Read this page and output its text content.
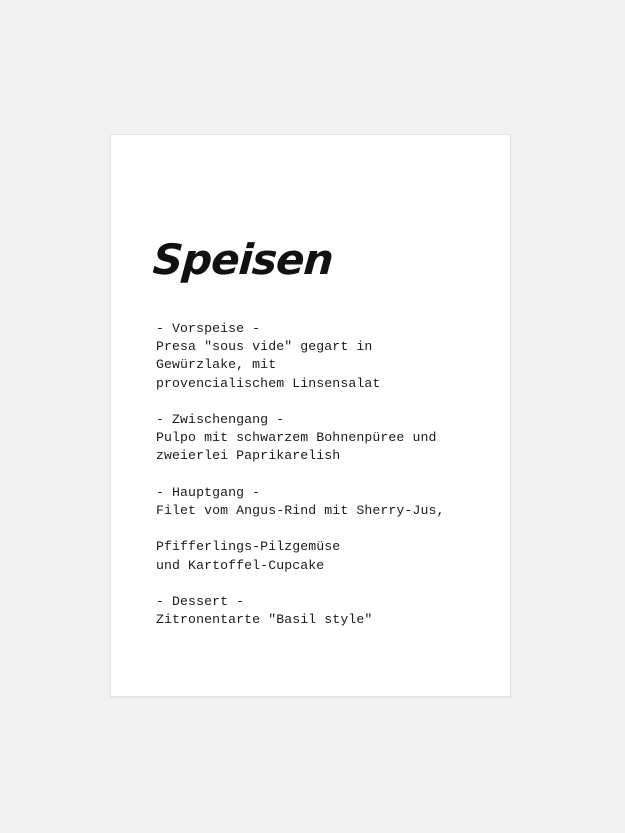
Speisen
- Vorspeise -
Presa "sous vide" gegart in
Gewürzlake, mit
provencialischem Linsensalat
- Zwischengang -
Pulpo mit schwarzem Bohnenpüree und
zweierlei Paprikarelish
- Hauptgang -
Filet vom Angus-Rind mit Sherry-Jus,
Pfifferlings-Pilzgemüse
und Kartoffel-Cupcake
- Dessert -
Zitronentarte "Basil style"
